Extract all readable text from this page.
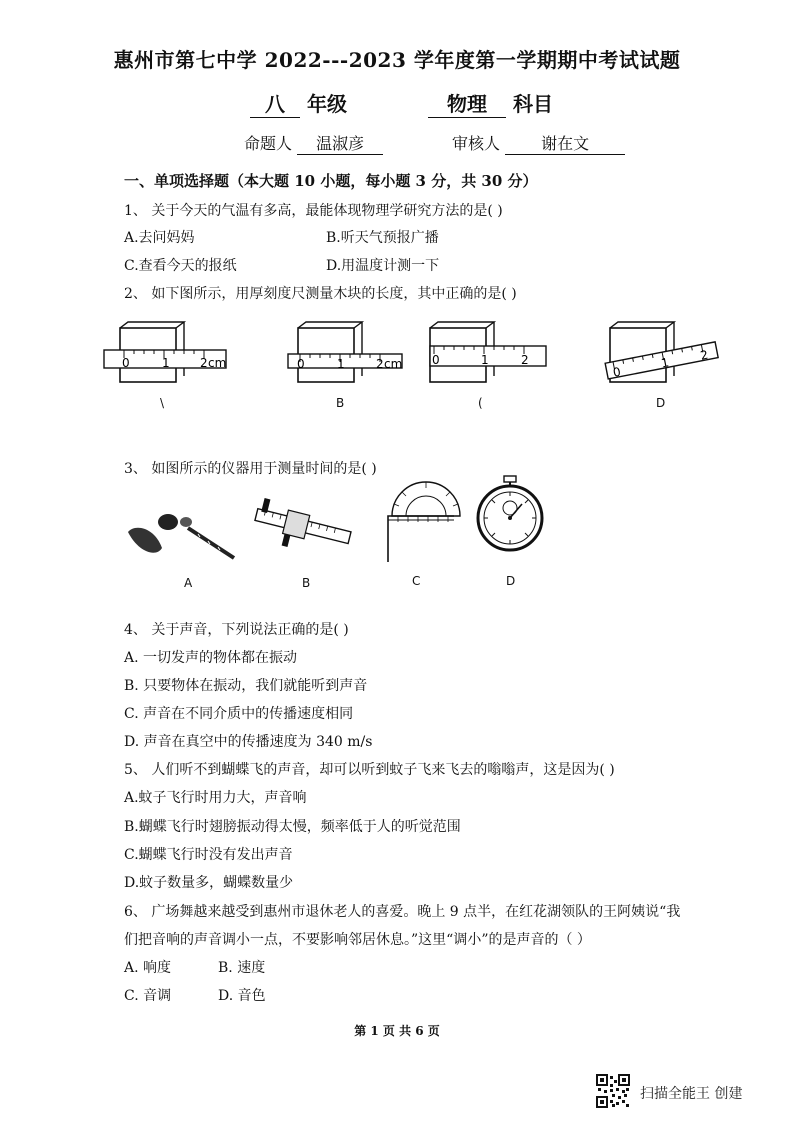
惠州市第七中学 2022---2023 学年度第一学期期中考试试题
八 年级	物理 科目
命题人 温淑彦	审核人	谢在文
一、单项选择题（本大题 10 小题，每小题 3 分，共 30 分）
1、 关于今天的气温有多高，最能体现物理学研究方法的是( )
A.去问妈妈	B.听天气预报广播
C.查看今天的报纸	D.用温度计测一下
2、 如下图所示，用厚刻度尺测量木块的长度，其中正确的是( )
0	1	2 cm
\
0	1	2 cm
B
0	1	2
(
0
1
2
D
3、 如图所示的仪器用于测量时间的是( )
A	B	C	D
4、 关于声音，下列说法正确的是( )
A. 一切发声的物体都在振动
B. 只要物体在振动，我们就能听到声音
C. 声音在不同介质中的传播速度相同
D. 声音在真空中的传播速度为 340 m/s
5、 人们听不到蝴蝶飞的声音，却可以听到蚊子飞来飞去的嗡嗡声，这是因为( )
A.蚊子飞行时用力大，声音响
B.蝴蝶飞行时翅膀振动得太慢，频率低于人的听觉范围
C.蝴蝶飞行时没有发出声音
D.蚊子数量多，蝴蝶数量少
6、 广场舞越来越受到惠州市退休老人的喜爱。晚上 9 点半，在红花湖领队的王阿姨说“我
们把音响的声音调小一点，不要影响邻居休息。”这里“调小”的是声音的（ ）
A. 响度	B. 速度
C. 音调	D. 音色
第 1 页 共 6 页
扫描全能王 创建
